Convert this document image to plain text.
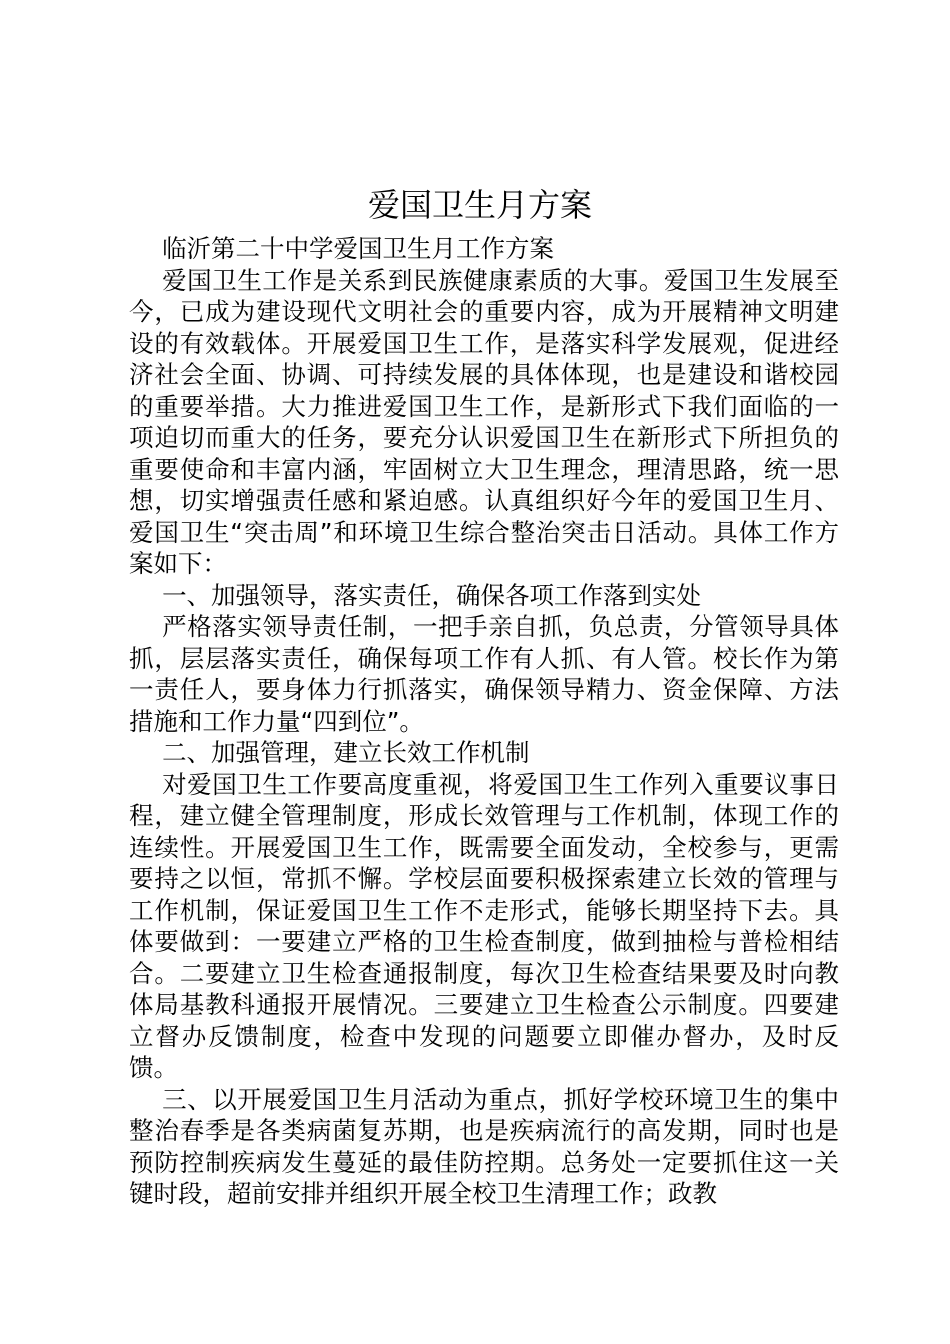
爱国卫生月方案

临沂第二十中学爱国卫生月工作方案

爱国卫生工作是关系到民族健康素质的大事。爱国卫生发展至今，已成为建设现代文明社会的重要内容，成为开展精神文明建设的有效载体。开展爱国卫生工作，是落实科学发展观，促进经济社会全面、协调、可持续发展的具体体现，也是建设和谐校园的重要举措。大力推进爱国卫生工作，是新形式下我们面临的一项迫切而重大的任务，要充分认识爱国卫生在新形式下所担负的重要使命和丰富内涵，牢固树立大卫生理念，理清思路，统一思想，切实增强责任感和紧迫感。认真组织好今年的爱国卫生月、爱国卫生“突击周”和环境卫生综合整治突击日活动。具体工作方案如下：

一、加强领导，落实责任，确保各项工作落到实处

严格落实领导责任制，一把手亲自抓，负总责，分管领导具体抓，层层落实责任，确保每项工作有人抓、有人管。校长作为第一责任人，要身体力行抓落实，确保领导精力、资金保障、方法措施和工作力量“四到位”。

二、加强管理，建立长效工作机制

对爱国卫生工作要高度重视，将爱国卫生工作列入重要议事日程，建立健全管理制度，形成长效管理与工作机制，体现工作的连续性。开展爱国卫生工作，既需要全面发动，全校参与，更需要持之以恒，常抓不懈。学校层面要积极探索建立长效的管理与工作机制，保证爱国卫生工作不走形式，能够长期坚持下去。具体要做到：一要建立严格的卫生检查制度，做到抽检与普检相结合。二要建立卫生检查通报制度，每次卫生检查结果要及时向教体局基教科通报开展情况。三要建立卫生检查公示制度。四要建立督办反馈制度，检查中发现的问题要立即催办督办，及时反馈。

三、以开展爱国卫生月活动为重点，抓好学校环境卫生的集中整治春季是各类病菌复苏期，也是疾病流行的高发期，同时也是预防控制疾病发生蔓延的最佳防控期。总务处一定要抓住这一关键时段，超前安排并组织开展全校卫生清理工作；政教
